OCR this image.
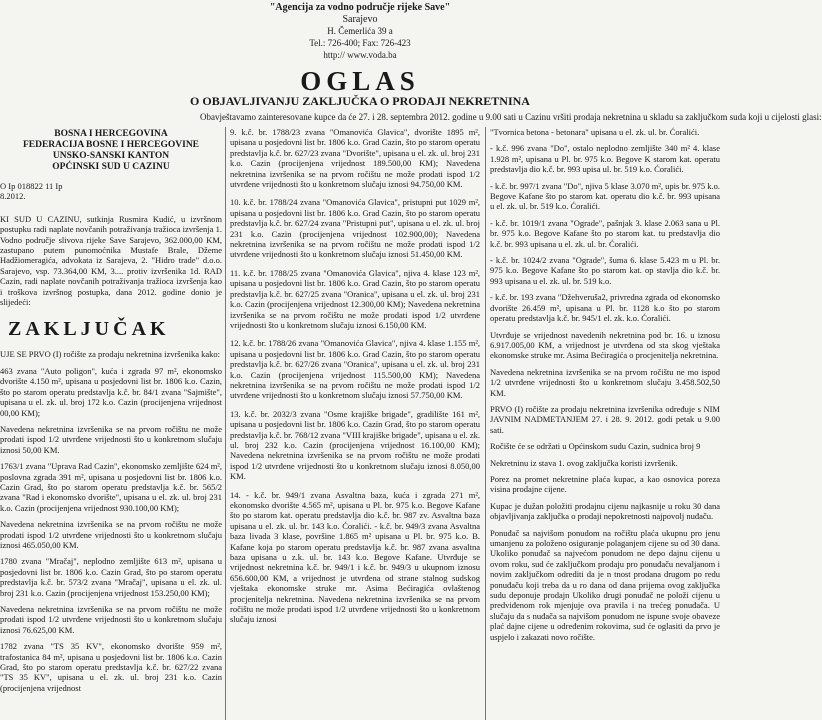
"Agencija za vodno područje rijeke Save"

Sarajevo

H. Čemerlića 39 a

Tel.: 726-400; Fax: 726-423

http:// www.voda.ba

OGLAS
O OBJAVLJIVANJU ZAKLJUČKA O PRODAJI NEKRETNINA

Obavještavamo zainteresovane kupce da će 27. i 28. septembra 2012. godine u 9.00 sati u Cazinu vršiti prodaja nekretnina u skladu sa zaključkom suda koji u cijelosti glasi:

BOSNA I HERCEGOVINA

FEDERACIJA BOSNE I HERCEGOVINE

UNSKO-SANSKI KANTON

OPĆINSKI SUD U CAZINU

O Ip 018822 11 Ip

8.2012.

KI SUD U CAZINU, sutkinja Rusmira Kudić, u izvršnom postupku radi naplate novčanih potraživanja tražioca izvršenja 1. Vodno područje slivova rijeke Save Sarajevo, 362.000,00 KM, zastupano putem punomoćnika Mustafe Brale, Džeme Hadžiomeragića, advokata iz Sarajeva, 2. "Hidro trade" d.o.o. Sarajevo, vsp. 73.364,00 KM, 3.... protiv izvršenika 1d. RAD Cazin, radi naplate novčanih potraživanja tražioca izvršenja kao i troškova izvršnog postupka, dana 2012. godine donio je slijedeći:

ZAKLJUČAK

UJE SE PRVO (I) ročište za prodaju nekretnina izvršenika kako:

463 zvana "Auto poligon", kuća i zgrada 97 m², ekonomsko dvorište 4.150 m², upisana u posjedovni list br. 1806 k.o. Cazin, što po starom operatu predstavlja k.č. br. 84/1 zvana "Sajmište", upisana u el. zk. ul. broj 172 k.o. Cazin (procijenjena vrijednost 00,00 KM);

Navedena nekretnina izvršenika se na prvom ročištu ne može prodati ispod 1/2 utvrđene vrijednosti što u konkretnom slučaju iznosi 50,00 KM.

1763/1 zvana "Uprava Rad Cazin", ekonomsko zemljište 624 m², poslovna zgrada 391 m², upisana u posjedovni list br. 1806 k.o. Cazin Grad, što po starom operatu predstavlja k.č. br. 565/2 zvana "Rad i ekonomsko dvorište", upisana u el. zk. ul. broj 231 k.o. Cazin (procijenjena vrijednost 930.100,00 KM);

Navedena nekretnina izvršenika se na prvom ročištu ne može prodati ispod 1/2 utvrđene vrijednosti što u konkretnom slučaju iznosi 465.050,00 KM.

1780 zvana "Mračaj", neplodno zemljište 613 m², upisana u posjedovni list br. 1806 k.o. Cazin Grad, što po starom operatu predstavlja k.č. br. 573/2 zvana "Mračaj", upisana u el. zk. ul. broj 231 k.o. Cazin (procijenjena vrijednost 153.250,00 KM);

Navedena nekretnina izvršenika se na prvom ročištu ne može prodati ispod 1/2 utvrđene vrijednosti što u konkretnom slučaju iznosi 76.625,00 KM.

1782 zvana "TS 35 KV", ekonomsko dvorište 959 m², trafostanica 84 m², upisana u posjedovni list br. 1806 k.o. Cazin Grad, što po starom operatu predstavlja k.č. br. 627/22 zvana "TS 35 KV", upisana u el. zk. ul. broj 231 k.o. Cazin (procijenjena vrijednost

9. k.č. br. 1788/23 zvana "Omanovića Glavica", dvorište 1895 m², upisana u posjedovni list br. 1806 k.o. Grad Cazin, što po starom operatu predstavlja k.č. br. 627/23 zvana "Dvorište", upisana u el. zk. ul. broj 231 k.o. Cazin (procijenjena vrijednost 189.500,00 KM); Navedena nekretnina izvršenika se na prvom ročištu ne može prodati ispod 1/2 utvrđene vrijednosti što u konkretnom slučaju iznosi 94.750,00 KM.

10. k.č. br. 1788/24 zvana "Omanovića Glavica", pristupni put 1029 m², upisana u posjedovni list br. 1806 k.o. Grad Cazin, što po starom operatu predstavlja k.č. br. 627/24 zvana "Pristupni put", upisana u el. zk. ul. broj 231 k.o. Cazin (procijenjena vrijednost 102.900,00); Navedena nekretnina izvršenika se na prvom ročištu ne može prodati ispod 1/2 utvrđene vrijednosti što u konkretnom slučaju iznosi 51.450,00 KM.

11. k.č. br. 1788/25 zvana "Omanovića Glavica", njiva 4. klase 123 m², upisana u posjedovni list br. 1806 k.o. Grad Cazin, što po starom operatu predstavlja k.č. br. 627/25 zvana "Oranica", upisana u el. zk. ul. broj 231 k.o. Cazin (procijenjena vrijednost 12.300,00 KM); Navedena nekretnina izvršenika se na prvom ročištu ne može prodati ispod 1/2 utvrđene vrijednosti što u konkretnom slučaju iznosi 6.150,00 KM.

12. k.č. br. 1788/26 zvana "Omanovića Glavica", njiva 4. klase 1.155 m², upisana u posjedovni list br. 1806 k.o. Grad Cazin, što po starom operatu predstavlja k.č. br. 627/26 zvana "Oranica", upisana u el. zk. ul. broj 231 k.o. Cazin (procijenjena vrijednost 115.500,00 KM); Navedena nekretnina izvršenika se na prvom ročištu ne može prodati ispod 1/2 utvrđene vrijednosti što u konkretnom slučaju iznosi 57.750,00 KM.

13. k.č. br. 2032/3 zvana "Osme krajiške brigade", gradilište 161 m², upisana u posjedovni list br. 1806 k.o. Cazin Grad, što po starom operatu predstavlja k.č. br. 768/12 zvana "VIII krajiške brigade", upisana u el. zk. ul. broj 232 k.o. Cazin (procijenjena vrijednost 16.100,00 KM); Navedena nekretnina izvršenika se na prvom ročištu ne može prodati ispod 1/2 utvrđene vrijednosti što u konkretnom slučaju iznosi 8.050,00 KM.

14. - k.č. br. 949/1 zvana Asvaltna baza, kuća i zgrada 271 m², ekonomsko dvorište 4.565 m², upisana u Pl. br. 975 k.o. Begove Kafane što po starom kat. operatu predstavlja dio k.č. br. 987 zv. Asvaltna baza upisana u el. zk. ul. br. 143 k.o. Ćoralići. - k.č. br. 949/3 zvana Asvaltna baza livada 3 klase, površine 1.865 m² upisana u Pl. br. 975 k.o. B. Kafane koja po starom operatu predstavlja k.č. br. 987 zvana asvaltna baza upisana u z.k. ul. br. 143 k.o. Begove Kafane. Utvrđuje se vrijednost nekretnina k.č. br. 949/1 i k.č. br. 949/3 u ukupnom iznosu 656.600,00 KM, a vrijednost je utvrđena od strane stalnog sudskog vještaka ekonomske struke mr. Asima Bećiragića ovlaštenog procjenitelja nekretnina. Navedena nekretnina izvršenika se na prvom ročištu ne može prodati ispod 1/2 utvrđene vrijednosti što u konkretnom slučaju iznosi

"Tvornica betona - betonara" upisana u el. zk. ul. br. Ćoralići.

- k.č. 996 zvana "Do", ostalo neplodno zemljište 340 m² 4. klase 1.928 m², upisana u Pl. br. 975 k.o. Begove K starom kat. operatu predstavlja dio k.č. br. 993 upisa ul. br. 519 k.o. Ćoralići.

- k.č. br. 997/1 zvana "Do", njiva 5 klase 3.070 m², upis br. 975 k.o. Begove Kafane što po starom kat. operatu dio k.č. br. 993 upisana u el. zk. ul. br. 519 k.o. Ćoralići.

- k.č. br. 1019/1 zvana "Ograde", pašnjak 3. klase 2.063 sana u Pl. br. 975 k.o. Begove Kafane što po starom kat. tu predstavlja dio k.č. br. 993 upisana u el. zk. ul. br. Ćoralići.

- k.č. br. 1024/2 zvana "Ograde", šuma 6. klase 5.423 m u Pl. br. 975 k.o. Begove Kafane što po starom kat. op stavlja dio k.č. br. 993 upisana u el. zk. ul. br. 519 k.o.

- k.č. br. 193 zvana "Džehverušа2, privredna zgrada od ekonomsko dvorište 26.459 m², upisana u Pl. br. 1128 k.o što po starom operatu predstavlja k.č. br. 945/1 el. zk. k.o. Ćoralići.

Utvrđuje se vrijednost navedenih nekretnina pod br. 16. u iznosu 6.917.005,00 KM, a vrijednost je utvrđena od sta skog vještaka ekonomske struke mr. Asima Bećiragića o procjenitelja nekretnina.

Navedena nekretnina izvršenika se na prvom ročištu ne mo ispod 1/2 utvrđene vrijednosti što u konkretnom slučaju 3.458.502,50 KM.

PRVO (I) ročište za prodaju nekretnina izvršenika određuje s NIM JAVNIM NADMETANJEM 27. i 28. 9. 2012. godi petak u 9.00 sati.

Ročište će se održati u Općinskom sudu Cazin, sudnica broj 9

Nekretninu iz stava 1. ovog zaključka koristi izvršenik.

Porez na promet nekretnine plaća kupac, a kao osnovica poreza visina prodajne cijene.

Kupac je dužan položiti prodajnu cijenu najkasnije u roku 30 dana objavljivanja zaključka o prodaji nepokretnosti najpovolj nuđaču.

Ponuđač sa najvišom ponudom na ročištu plaća ukupnu pro jenu umanjenu za položeno osiguranje polaganjem cijene su od 30 dana. Ukoliko ponuđač sa najvećom ponudom ne depo dajnu cijenu u ovom roku, sud će zaključkom prodaju pro ponuđaču nevaljanom i novim zaključkom odrediti da je n tnost prodana drugom po redu ponuđaču koji treba da u ro dana od dana prijema ovog zaključka sudu deponuje prodajn Ukoliko drugi ponuđač ne položi cijenu u predviđenom rok mjenjuje ova pravila i na trećeg ponuđača. U slučaju da s nuđača sa najvišom ponudom ne ispune svoje obaveze plać dajne cijene u određenim rokovima, sud će oglasiti da prvo je uspjelo i zakazati novo ročište.
